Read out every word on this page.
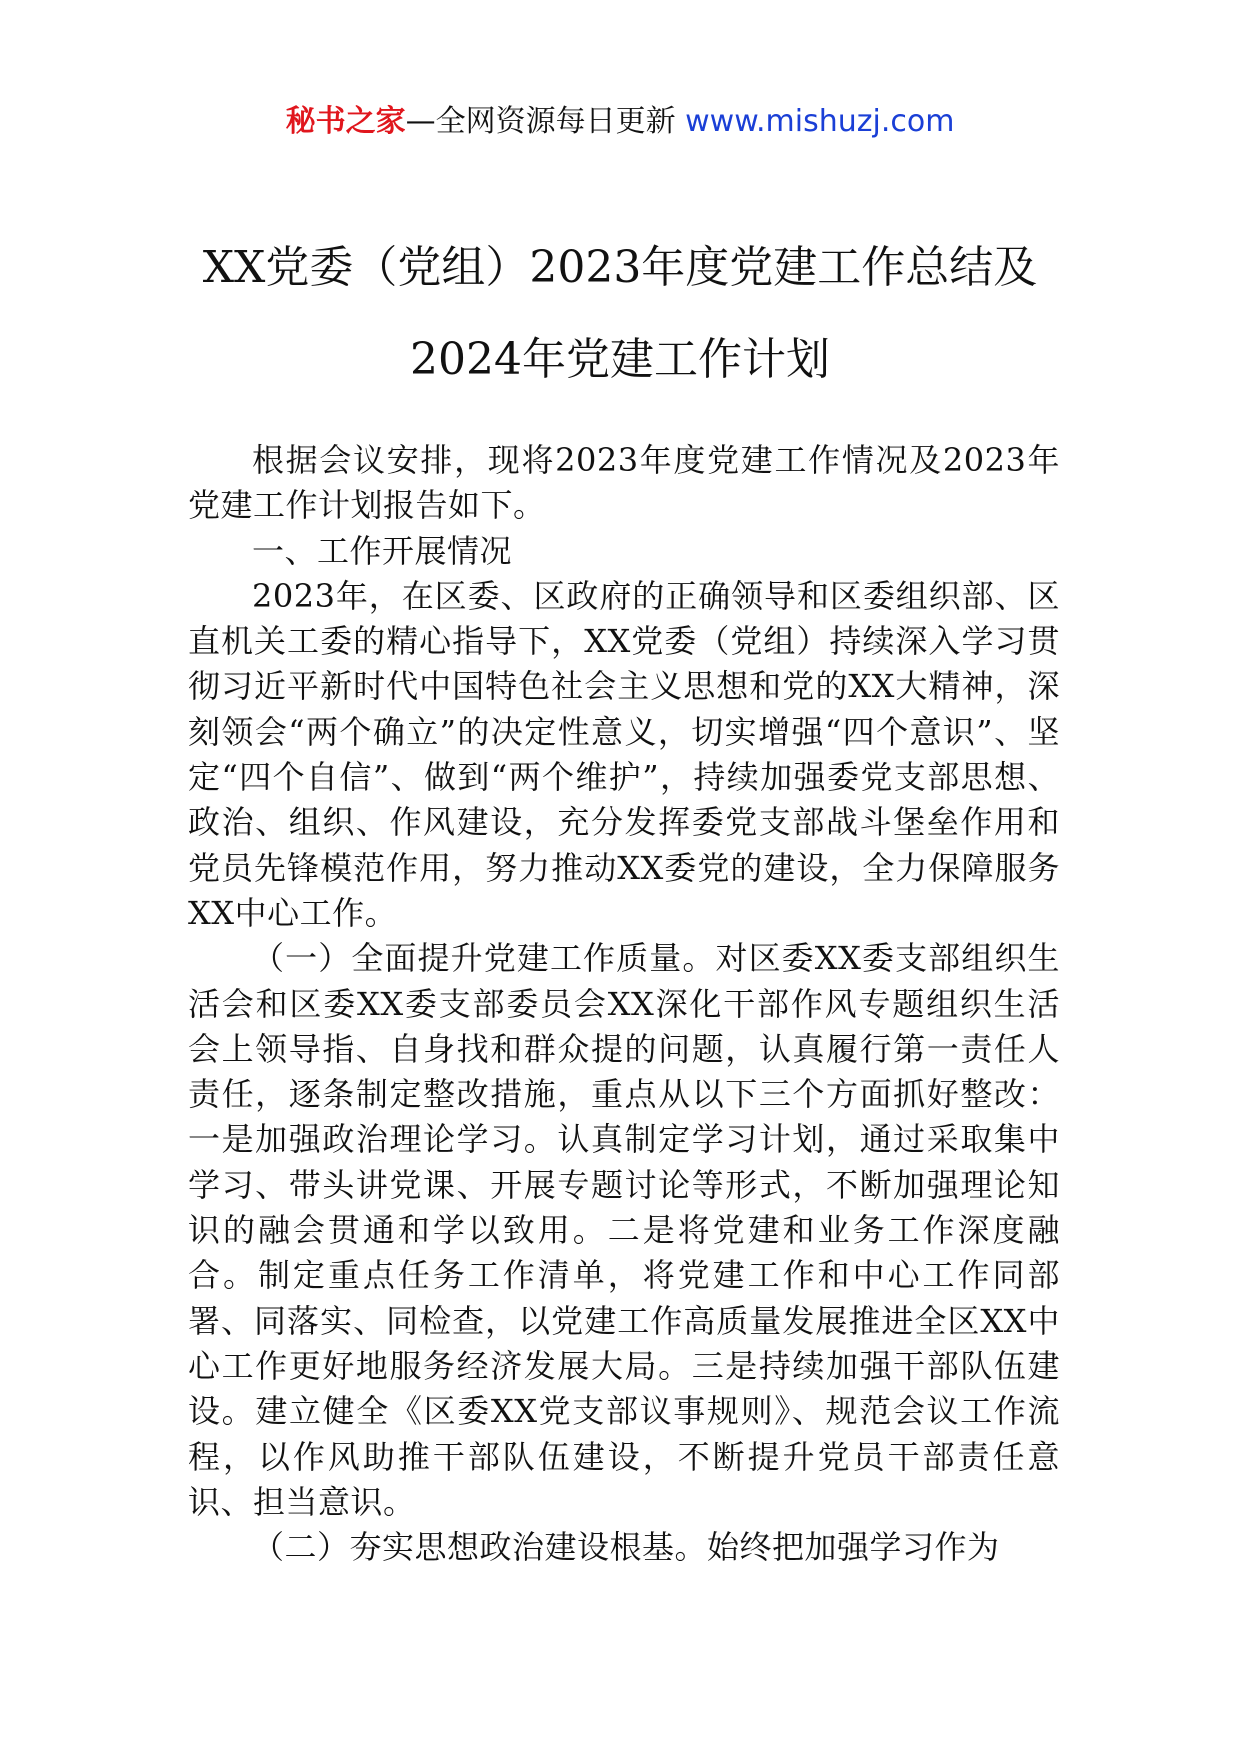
秘书之家—全网资源每日更新 www.mishuzj.com
XX党委（党组）2023年度党建工作总结及
2024年党建工作计划

根据会议安排，现将2023年度党建工作情况及2023年党建工作计划报告如下。

一、工作开展情况

2023年，在区委、区政府的正确领导和区委组织部、区直机关工委的精心指导下，XX党委（党组）持续深入学习贯彻习近平新时代中国特色社会主义思想和党的XX大精神，深刻领会“两个确立”的决定性意义，切实增强“四个意识”、坚定“四个自信”、做到“两个维护”，持续加强委党支部思想、政治、组织、作风建设，充分发挥委党支部战斗堡垒作用和党员先锋模范作用，努力推动XX委党的建设，全力保障服务XX中心工作。

（一）全面提升党建工作质量。对区委XX委支部组织生活会和区委XX委支部委员会XX深化干部作风专题组织生活会上领导指、自身找和群众提的问题，认真履行第一责任人责任，逐条制定整改措施，重点从以下三个方面抓好整改：一是加强政治理论学习。认真制定学习计划，通过采取集中学习、带头讲党课、开展专题讨论等形式，不断加强理论知识的融会贯通和学以致用。二是将党建和业务工作深度融合。制定重点任务工作清单，将党建工作和中心工作同部署、同落实、同检查，以党建工作高质量发展推进全区XX中心工作更好地服务经济发展大局。三是持续加强干部队伍建设。建立健全《区委XX党支部议事规则》、规范会议工作流程，以作风助推干部队伍建设，不断提升党员干部责任意识、担当意识。

（二）夯实思想政治建设根基。始终把加强学习作为
